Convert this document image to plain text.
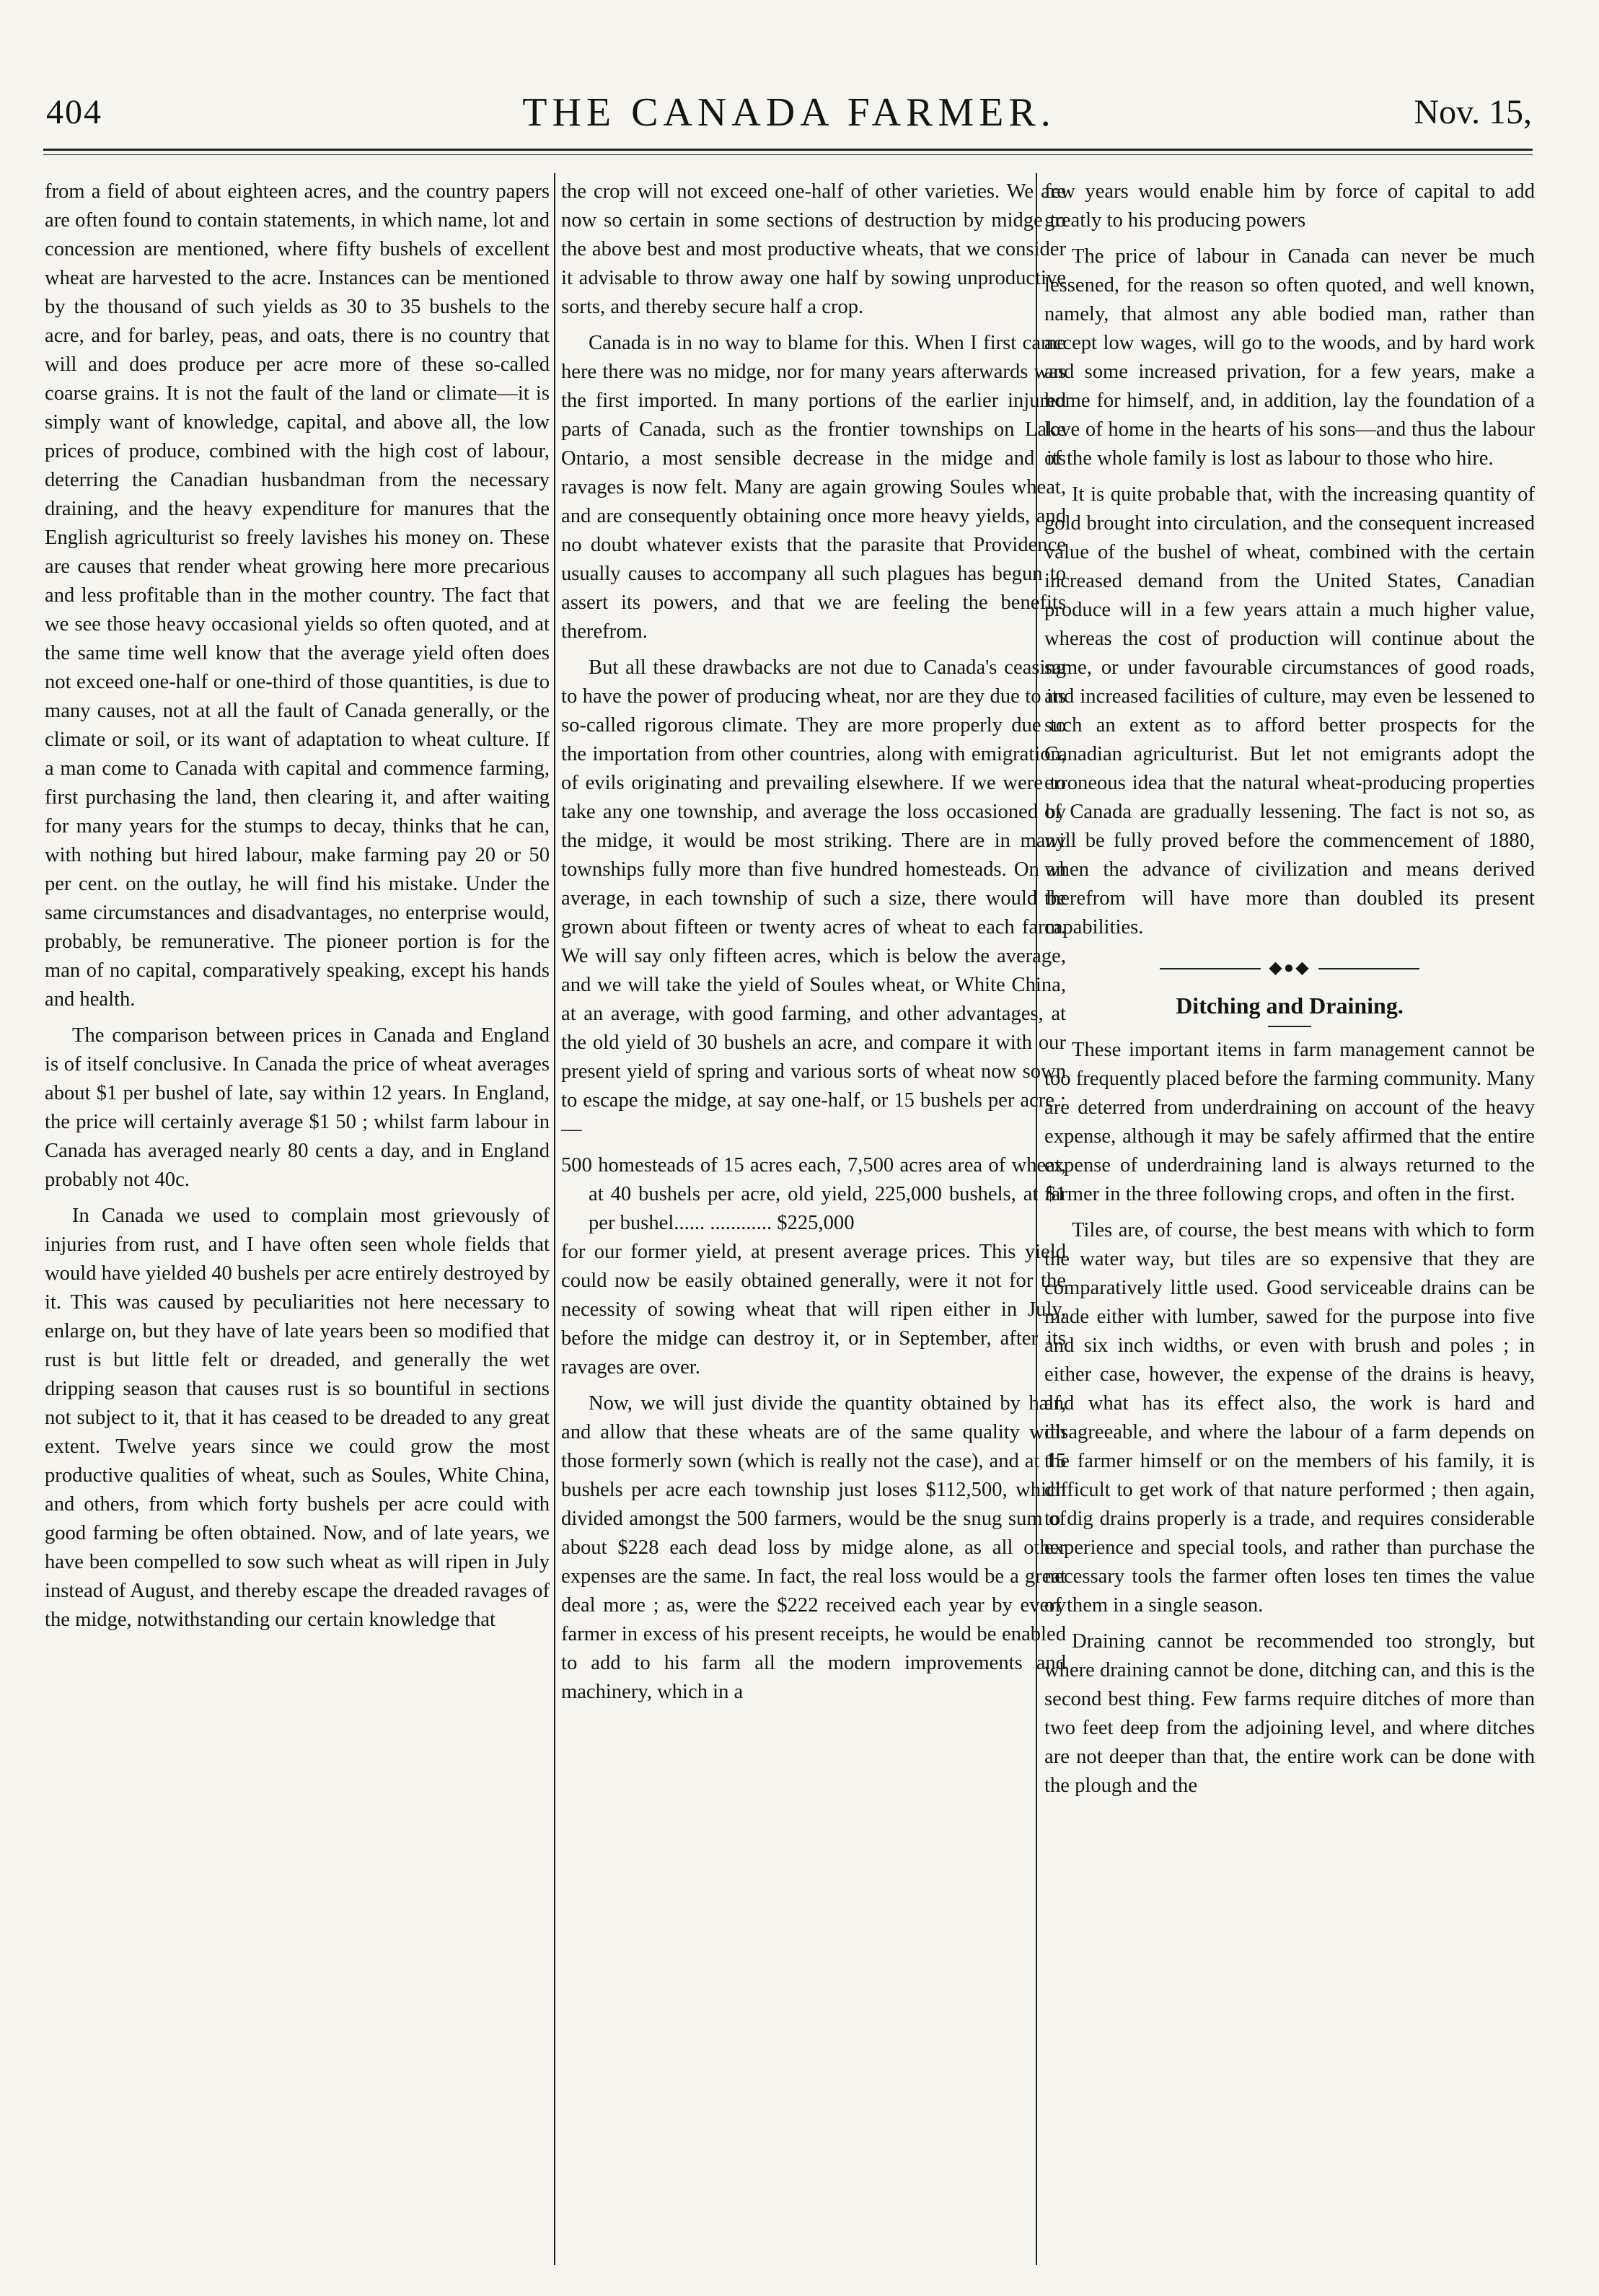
404	THE CANADA FARMER.	Nov. 15,

from a field of about eighteen acres, and the country papers are often found to contain statements, in which name, lot and concession are mentioned, where fifty bushels of excellent wheat are harvested to the acre. Instances can be mentioned by the thousand of such yields as 30 to 35 bushels to the acre, and for barley, peas, and oats, there is no country that will and does produce per acre more of these so-called coarse grains. It is not the fault of the land or climate—it is simply want of knowledge, capital, and above all, the low prices of produce, combined with the high cost of labour, deterring the Canadian husbandman from the necessary draining, and the heavy expenditure for manures that the English agriculturist so freely lavishes his money on. These are causes that render wheat growing here more precarious and less profitable than in the mother country. The fact that we see those heavy occasional yields so often quoted, and at the same time well know that the average yield often does not exceed one-half or one-third of those quantities, is due to many causes, not at all the fault of Canada generally, or the climate or soil, or its want of adaptation to wheat culture. If a man come to Canada with capital and commence farming, first purchasing the land, then clearing it, and after waiting for many years for the stumps to decay, thinks that he can, with nothing but hired labour, make farming pay 20 or 50 per cent. on the outlay, he will find his mistake. Under the same circumstances and disadvantages, no enterprise would, probably, be remunerative. The pioneer portion is for the man of no capital, comparatively speaking, except his hands and health.

The comparison between prices in Canada and England is of itself conclusive. In Canada the price of wheat averages about $1 per bushel of late, say within 12 years. In England, the price will certainly average $1 50 ; whilst farm labour in Canada has averaged nearly 80 cents a day, and in England probably not 40c.

In Canada we used to complain most grievously of injuries from rust, and I have often seen whole fields that would have yielded 40 bushels per acre entirely destroyed by it. This was caused by peculiarities not here necessary to enlarge on, but they have of late years been so modified that rust is but little felt or dreaded, and generally the wet dripping season that causes rust is so bountiful in sections not subject to it, that it has ceased to be dreaded to any great extent. Twelve years since we could grow the most productive qualities of wheat, such as Soules, White China, and others, from which forty bushels per acre could with good farming be often obtained. Now, and of late years, we have been compelled to sow such wheat as will ripen in July instead of August, and thereby escape the dreaded ravages of the midge, notwithstanding our certain knowledge that

the crop will not exceed one-half of other varieties. We are now so certain in some sections of destruction by midge to the above best and most productive wheats, that we consider it advisable to throw away one half by sowing unproductive sorts, and thereby secure half a crop.

Canada is in no way to blame for this. When I first came here there was no midge, nor for many years afterwards was the first imported. In many portions of the earlier injured parts of Canada, such as the frontier townships on Lake Ontario, a most sensible decrease in the midge and its ravages is now felt. Many are again growing Soules wheat, and are consequently obtaining once more heavy yields, and no doubt whatever exists that the parasite that Providence usually causes to accompany all such plagues has begun to assert its powers, and that we are feeling the benefits therefrom.

But all these drawbacks are not due to Canada's ceasing to have the power of producing wheat, nor are they due to its so-called rigorous climate. They are more properly due to the importation from other countries, along with emigration, of evils originating and prevailing elsewhere. If we were to take any one township, and average the loss occasioned by the midge, it would be most striking. There are in many townships fully more than five hundred homesteads. On an average, in each township of such a size, there would be grown about fifteen or twenty acres of wheat to each farm. We will say only fifteen acres, which is below the average, and we will take the yield of Soules wheat, or White China, at an average, with good farming, and other advantages, at the old yield of 30 bushels an acre, and compare it with our present yield of spring and various sorts of wheat now sown to escape the midge, at say one-half, or 15 bushels per acre :—

500 homesteads of 15 acres each, 7,500 acres area of wheat, at 40 bushels per acre, old yield, 225,000 bushels, at $1 per bushel...... ............ $225,000

for our former yield, at present average prices. This yield could now be easily obtained generally, were it not for the necessity of sowing wheat that will ripen either in July, before the midge can destroy it, or in September, after its ravages are over.

Now, we will just divide the quantity obtained by half, and allow that these wheats are of the same quality with those formerly sown (which is really not the case), and at 15 bushels per acre each township just loses $112,500, which divided amongst the 500 farmers, would be the snug sum of about $228 each dead loss by midge alone, as all other expenses are the same. In fact, the real loss would be a great deal more ; as, were the $222 received each year by every farmer in excess of his present receipts, he would be enabled to add to his farm all the modern improvements and machinery, which in a

few years would enable him by force of capital to add greatly to his producing powers

The price of labour in Canada can never be much lessened, for the reason so often quoted, and well known, namely, that almost any able bodied man, rather than accept low wages, will go to the woods, and by hard work and some increased privation, for a few years, make a home for himself, and, in addition, lay the foundation of a love of home in the hearts of his sons—and thus the labour of the whole family is lost as labour to those who hire.

It is quite probable that, with the increasing quantity of gold brought into circulation, and the consequent increased value of the bushel of wheat, combined with the certain increased demand from the United States, Canadian produce will in a few years attain a much higher value, whereas the cost of production will continue about the same, or under favourable circumstances of good roads, and increased facilities of culture, may even be lessened to such an extent as to afford better prospects for the Canadian agriculturist. But let not emigrants adopt the erroneous idea that the natural wheat-producing properties of Canada are gradually lessening. The fact is not so, as will be fully proved before the commencement of 1880, when the advance of civilization and means derived therefrom will have more than doubled its present capabilities.

◆●◆
Ditching and Draining.

These important items in farm management cannot be too frequently placed before the farming community. Many are deterred from underdraining on account of the heavy expense, although it may be safely affirmed that the entire expense of underdraining land is always returned to the farmer in the three following crops, and often in the first.

Tiles are, of course, the best means with which to form the water way, but tiles are so expensive that they are comparatively little used. Good serviceable drains can be made either with lumber, sawed for the purpose into five and six inch widths, or even with brush and poles ; in either case, however, the expense of the drains is heavy, and what has its effect also, the work is hard and disagreeable, and where the labour of a farm depends on the farmer himself or on the members of his family, it is difficult to get work of that nature performed ; then again, to dig drains properly is a trade, and requires considerable experience and special tools, and rather than purchase the necessary tools the farmer often loses ten times the value of them in a single season.

Draining cannot be recommended too strongly, but where draining cannot be done, ditching can, and this is the second best thing. Few farms require ditches of more than two feet deep from the adjoining level, and where ditches are not deeper than that, the entire work can be done with the plough and the
